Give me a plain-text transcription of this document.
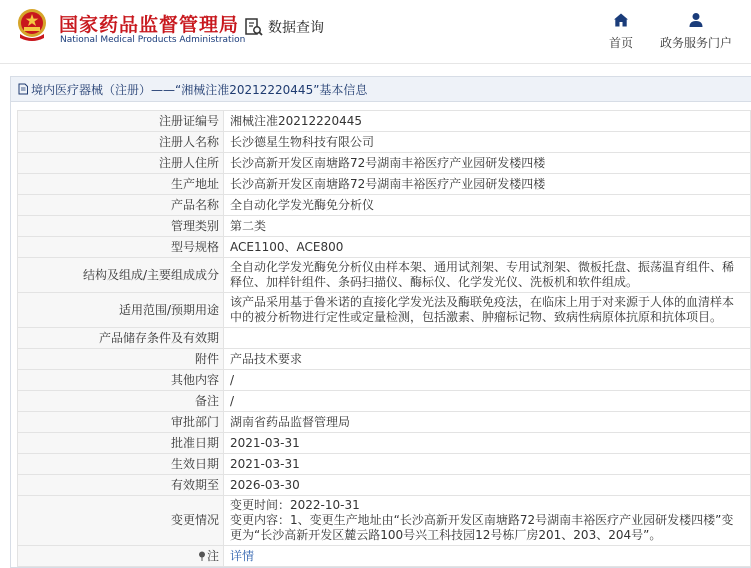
国家药品监督管理局
National Medical Products Administration
数据查询
首页	政务服务门户
境内医疗器械（注册）——“湘械注准20212220445”基本信息
注册证编号	湘械注准20212220445
注册人名称	长沙德星生物科技有限公司
注册人住所	长沙高新开发区南塘路72号湖南丰裕医疗产业园研发楼四楼
生产地址	长沙高新开发区南塘路72号湖南丰裕医疗产业园研发楼四楼
产品名称	全自动化学发光酶免分析仪
管理类别	第二类
型号规格	ACE1100、ACE800
结构及组成/主要组成成分	全自动化学发光酶免分析仪由样本架、通用试剂架、专用试剂架、微板托盘、振荡温育组件、稀释位、加样针组件、条码扫描仪、酶标仪、化学发光仪、洗板机和软件组成。
适用范围/预期用途	该产品采用基于鲁米诺的直接化学发光法及酶联免疫法，在临床上用于对来源于人体的血清样本中的被分析物进行定性或定量检测，包括激素、肿瘤标记物、致病性病原体抗原和抗体项目。
产品储存条件及有效期	
附件	产品技术要求
其他内容	/
备注	/
审批部门	湖南省药品监督管理局
批准日期	2021-03-31
生效日期	2021-03-31
有效期至	2026-03-30
变更情况	变更时间：2022-10-31
变更内容：1、变更生产地址由“长沙高新开发区南塘路72号湖南丰裕医疗产业园研发楼四楼”变更为“长沙高新开发区麓云路100号兴工科技园12号栋厂房201、203、204号”。

注	详情
